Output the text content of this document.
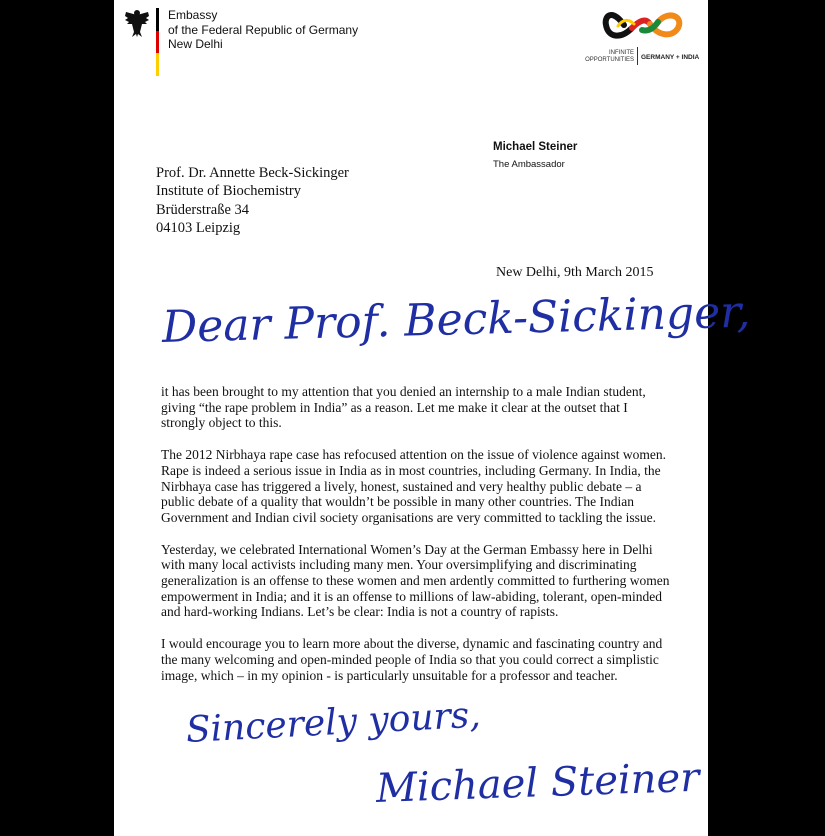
Embassy
of the Federal Republic of Germany
New Delhi
INFINITE
OPPORTUNITIES GERMANY + INDIA
Michael Steiner
The Ambassador
Prof. Dr. Annette Beck-Sickinger
Institute of Biochemistry
Brüderstraße 34
04103 Leipzig
New Delhi, 9th March 2015
Dear Prof. Beck-Sickinger,

it has been brought to my attention that you denied an internship to a male Indian student, giving “the rape problem in India” as a reason. Let me make it clear at the outset that I strongly object to this.

The 2012 Nirbhaya rape case has refocused attention on the issue of violence against women. Rape is indeed a serious issue in India as in most countries, including Germany. In India, the Nirbhaya case has triggered a lively, honest, sustained and very healthy public debate – a public debate of a quality that wouldn’t be possible in many other countries. The Indian Government and Indian civil society organisations are very committed to tackling the issue.

Yesterday, we celebrated International Women’s Day at the German Embassy here in Delhi with many local activists including many men. Your oversimplifying and discriminating generalization is an offense to these women and men ardently committed to furthering women empowerment in India; and it is an offense to millions of law-abiding, tolerant, open-minded and hard-working Indians. Let’s be clear: India is not a country of rapists.

I would encourage you to learn more about the diverse, dynamic and fascinating country and the many welcoming and open-minded people of India so that you could correct a simplistic image, which – in my opinion - is particularly unsuitable for a professor and teacher.

Sincerely yours,
Michael Steiner
